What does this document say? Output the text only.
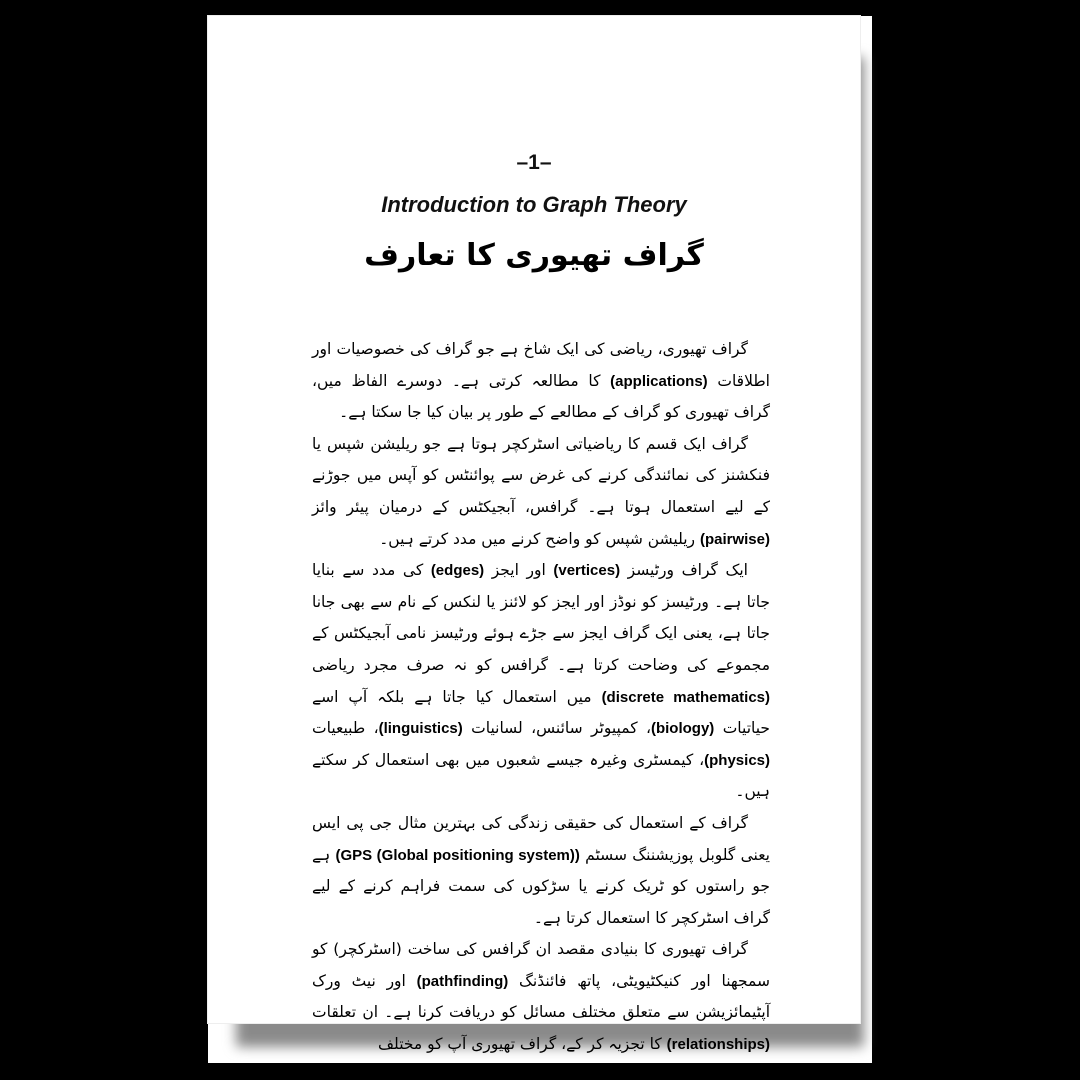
–1–
Introduction to Graph Theory
گراف تھیوری کا تعارف

گراف تھیوری، ریاضی کی ایک شاخ ہے جو گراف کی خصوصیات اور اطلاقات (applications) کا مطالعہ کرتی ہے۔ دوسرے الفاظ میں، گراف تھیوری کو گراف کے مطالعے کے طور پر بیان کیا جا سکتا ہے۔

گراف ایک قسم کا ریاضیاتی اسٹرکچر ہوتا ہے جو ریلیشن شپس یا فنکشنز کی نمائندگی کرنے کی غرض سے پوائنٹس کو آپس میں جوڑنے کے لیے استعمال ہوتا ہے۔ گرافس، آبجیکٹس کے درمیان پیئر وائز (pairwise) ریلیشن شپس کو واضح کرنے میں مدد کرتے ہیں۔

ایک گراف ورٹیسز (vertices) اور ایجز (edges) کی مدد سے بنایا جاتا ہے۔ ورٹیسز کو نوڈز اور ایجز کو لائنز یا لنکس کے نام سے بھی جانا جاتا ہے، یعنی ایک گراف ایجز سے جڑے ہوئے ورٹیسز نامی آبجیکٹس کے مجموعے کی وضاحت کرتا ہے۔ گرافس کو نہ صرف مجرد ریاضی (discrete mathematics) میں استعمال کیا جاتا ہے بلکہ آپ اسے حیاتیات (biology)، کمپیوٹر سائنس، لسانیات (linguistics)، طبیعیات (physics)، کیمسٹری وغیرہ جیسے شعبوں میں بھی استعمال کر سکتے ہیں۔

گراف کے استعمال کی حقیقی زندگی کی بہترین مثال جی پی ایس یعنی گلوبل پوزیشننگ سسٹم (GPS (Global positioning system)) ہے جو راستوں کو ٹریک کرنے یا سڑکوں کی سمت فراہم کرنے کے لیے گراف اسٹرکچر کا استعمال کرتا ہے۔

گراف تھیوری کا بنیادی مقصد ان گرافس کی ساخت (اسٹرکچر) کو سمجھنا اور کنیکٹیویٹی، پاتھ فائنڈنگ (pathfinding) اور نیٹ ورک آپٹیمائزیشن سے متعلق مختلف مسائل کو دریافت کرنا ہے۔ ان تعلقات (relationships) کا تجزیہ کر کے، گراف تھیوری آپ کو مختلف
